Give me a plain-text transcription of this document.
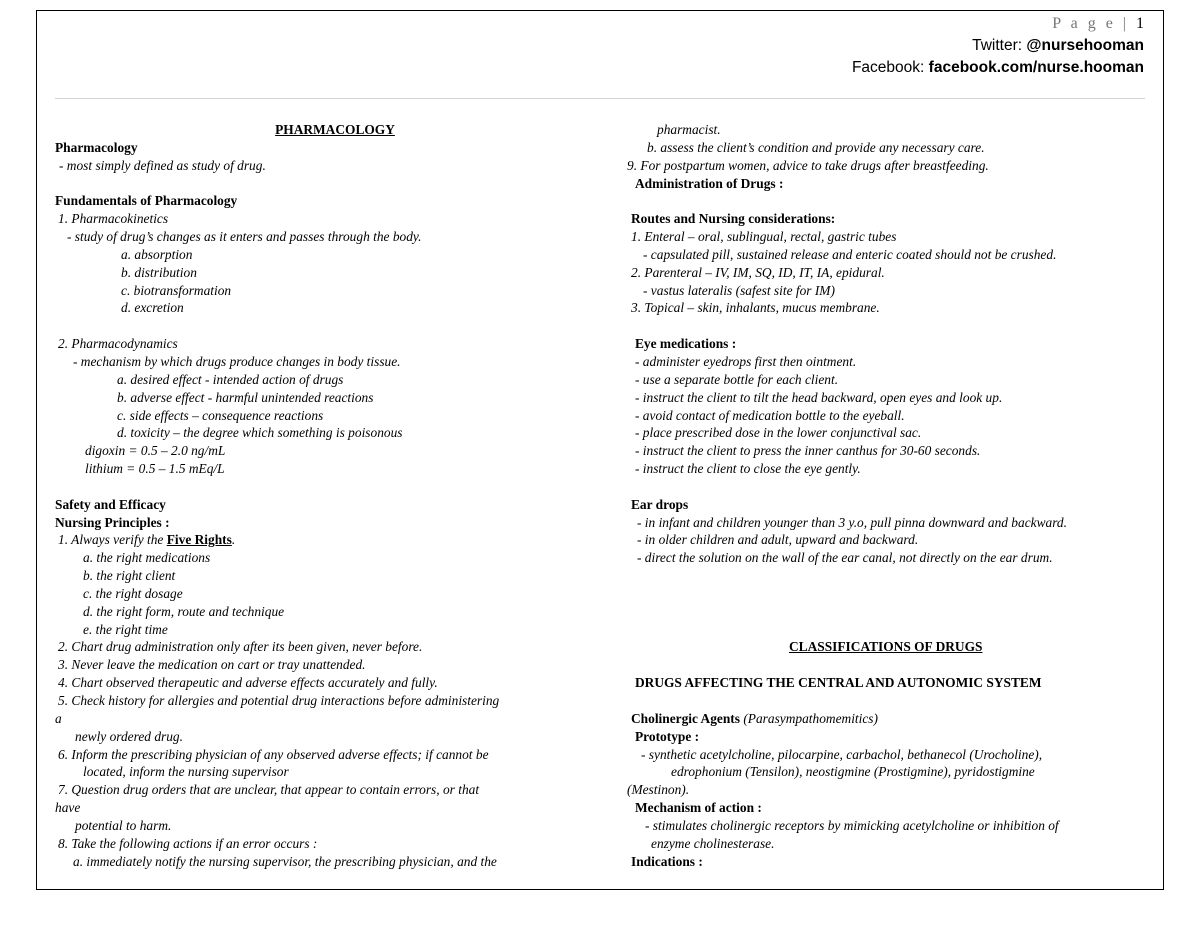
P a g e | 1
Twitter: @nursehooman
Facebook: facebook.com/nurse.hooman
PHARMACOLOGY
Pharmacology
- most simply defined as study of drug.
Fundamentals of Pharmacology
1. Pharmacokinetics
- study of drug’s changes as it enters and passes through the body.
a. absorption
b. distribution
c. biotransformation
d. excretion
2. Pharmacodynamics
- mechanism by which drugs produce changes in body tissue.
a. desired effect - intended action of drugs
b. adverse effect - harmful unintended reactions
c. side effects – consequence reactions
d. toxicity – the degree which something is poisonous
digoxin = 0.5 – 2.0 ng/mL
lithium = 0.5 – 1.5 mEq/L
Safety and Efficacy
Nursing Principles :
1. Always verify the Five Rights.
a. the right medications
b. the right client
c. the right dosage
d. the right form, route and technique
e. the right time
2. Chart drug administration only after its been given, never before.
3. Never leave the medication on cart or tray unattended.
4. Chart observed therapeutic and adverse effects accurately and fully.
5. Check history for allergies and potential drug interactions before administering
a
newly ordered drug.
6. Inform the prescribing physician of any observed adverse effects; if cannot be
located, inform the nursing supervisor
7. Question drug orders that are unclear, that appear to contain errors, or that
have
potential to harm.
8. Take the following actions if an error occurs :
a. immediately notify the nursing supervisor, the prescribing physician, and the
pharmacist.
b. assess the client’s condition and provide any necessary care.
9. For postpartum women, advice to take drugs after breastfeeding.
Administration of Drugs :
Routes and Nursing considerations:
1. Enteral – oral, sublingual, rectal, gastric tubes
- capsulated pill, sustained release and enteric coated should not be crushed.
2. Parenteral – IV, IM, SQ, ID, IT, IA, epidural.
- vastus lateralis (safest site for IM)
3. Topical – skin, inhalants, mucus membrane.
Eye medications :
- administer eyedrops first then ointment.
- use a separate bottle for each client.
- instruct the client to tilt the head backward, open eyes and look up.
- avoid contact of medication bottle to the eyeball.
- place prescribed dose in the lower conjunctival sac.
- instruct the client to press the inner canthus for 30-60 seconds.
- instruct the client to close the eye gently.
Ear drops
- in infant and children younger than 3 y.o, pull pinna downward and backward.
- in older children and adult, upward and backward.
- direct the solution on the wall of the ear canal, not directly on the ear drum.
CLASSIFICATIONS OF DRUGS
DRUGS AFFECTING THE CENTRAL AND AUTONOMIC SYSTEM
Cholinergic Agents (Parasympathomemitics)
Prototype :
- synthetic acetylcholine, pilocarpine, carbachol, bethanecol (Urocholine),
edrophonium (Tensilon), neostigmine (Prostigmine), pyridostigmine
(Mestinon).
Mechanism of action :
- stimulates cholinergic receptors by mimicking acetylcholine or inhibition of
enzyme cholinesterase.
Indications :
